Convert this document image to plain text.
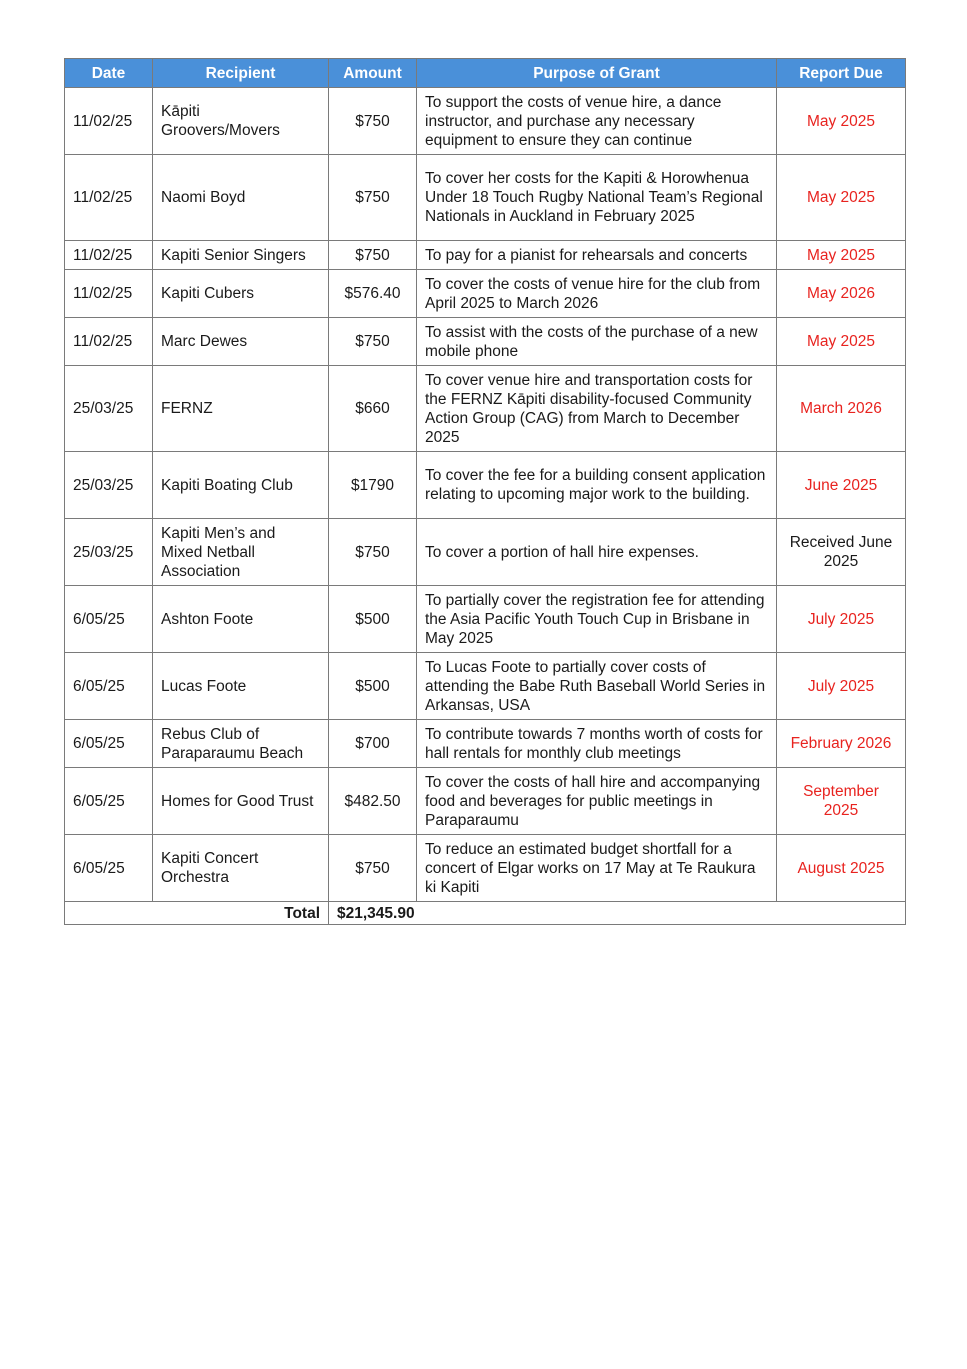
Date	Recipient	Amount	Purpose of Grant	Report Due
11/02/25	Kāpiti Groovers/Movers	$750	To support the costs of venue hire, a dance instructor, and purchase any necessary equipment to ensure they can continue	May 2025
11/02/25	Naomi Boyd	$750	To cover her costs for the Kapiti & Horowhenua Under 18 Touch Rugby National Team’s Regional Nationals in Auckland in February 2025	May 2025
11/02/25	Kapiti Senior Singers	$750	To pay for a pianist for rehearsals and concerts	May 2025
11/02/25	Kapiti Cubers	$576.40	To cover the costs of venue hire for the club from April 2025 to March 2026	May 2026
11/02/25	Marc Dewes	$750	To assist with the costs of the purchase of a new mobile phone	May 2025
25/03/25	FERNZ	$660	To cover venue hire and transportation costs for the FERNZ Kāpiti disability-focused Community Action Group (CAG) from March to December 2025	March 2026
25/03/25	Kapiti Boating Club	$1790	To cover the fee for a building consent application relating to upcoming major work to the building.	June 2025
25/03/25	Kapiti Men’s and Mixed Netball Association	$750	To cover a portion of hall hire expenses.	Received June 2025
6/05/25	Ashton Foote	$500	To partially cover the registration fee for attending the Asia Pacific Youth Touch Cup in Brisbane in May 2025	July 2025
6/05/25	Lucas Foote	$500	To Lucas Foote to partially cover costs of attending the Babe Ruth Baseball World Series in Arkansas, USA	July 2025
6/05/25	Rebus Club of Paraparaumu Beach	$700	To contribute towards 7 months worth of costs for hall rentals for monthly club meetings	February 2026
6/05/25	Homes for Good Trust	$482.50	To cover the costs of hall hire and accompanying food and beverages for public meetings in Paraparaumu	September 2025
6/05/25	Kapiti Concert Orchestra	$750	To reduce an estimated budget shortfall for a concert of Elgar works on 17 May at Te Raukura ki Kapiti	August 2025
Total		$21,345.90		
